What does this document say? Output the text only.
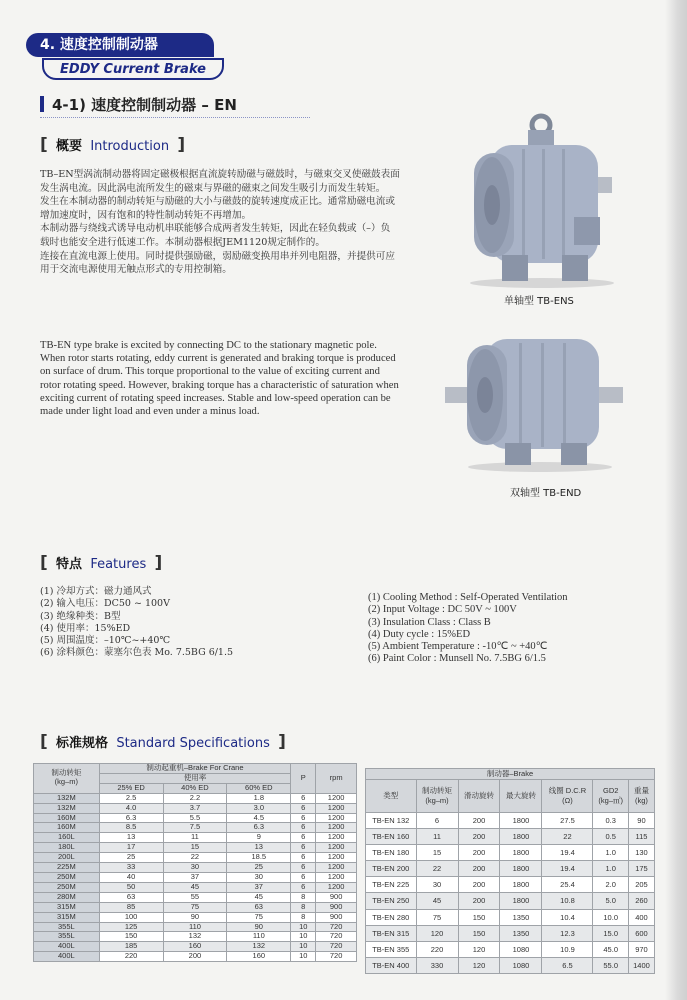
4. 速度控制制动器
EDDY Current Brake
4-1) 速度控制制动器 – EN
[ 概要 Introduction ]
TB–EN型涡流制动器将固定磁极根据直流旋转励磁与磁鼓时，与磁束交叉使磁鼓表面
发生涡电流。因此涡电流所发生的磁束与界磁的磁束之间发生吸引力而发生转矩。
发生在本制动器的制动转矩与励磁的大小与磁鼓的旋转速度成正比。通常励磁电流或
增加速度时，因有饱和的特性制动转矩不再增加。
本制动器与绕线式诱导电动机串联能够合成两者发生转矩，因此在轻负载或（–）负
载时也能安全进行低速工作。本制动器根据JEM1120规定制作的。
连接在直流电源上使用。同时提供强励磁，弱励磁变换用串并列电阻器，并提供可应
用于交流电源使用无触点形式的专用控制箱。
TB-EN type brake is excited by connecting DC to the stationary magnetic pole.
When rotor starts rotating, eddy current is generated and braking torque is produced
on surface of drum. This torque proportional to the value of exciting current and
rotor rotating speed. However, braking torque has a characteristic of saturation when
exciting current of rotating speed increases. Stable and low-speed operation can be
made under light load and even under a minus load.
单轴型 TB-ENS
双轴型 TB-END
[ 特点 Features ]
(1) 冷却方式：磁力通风式
(2) 输入电压：DC50 ~ 100V
(3) 绝缘种类：B型
(4) 使用率：15%ED
(5) 周围温度：–10℃~+40℃
(6) 涂料颜色：蒙塞尔色表 Mo. 7.5BG 6/1.5
(1) Cooling Method : Self-Operated Ventilation
(2) Input Voltage : DC 50V ~ 100V
(3) Insulation Class : Class B
(4) Duty cycle : 15%ED
(5) Ambient Temperature : -10℃ ~ +40℃
(6) Paint Color : Munsell No. 7.5BG 6/1.5
[ 标准规格 Standard Specifications ]
制动转矩
(kg–m)	制动起重机–Brake For Crane			P	rpm
	使用率				
	25% ED	40% ED	60% ED		
132M	2.5	2.2	1.8	6	1200
132M	4.0	3.7	3.0	6	1200
160M	6.3	5.5	4.5	6	1200
160M	8.5	7.5	6.3	6	1200
160L	13	11	9	6	1200
180L	17	15	13	6	1200
200L	25	22	18.5	6	1200
225M	33	30	25	6	1200
250M	40	37	30	6	1200
250M	50	45	37	6	1200
280M	63	55	45	8	900
315M	85	75	63	8	900
315M	100	90	75	8	900
355L	125	110	90	10	720
355L	150	132	110	10	720
400L	185	160	132	10	720
400L	220	200	160	10	720
制动器–Brake						
类型	制动转矩
(kg–m)	滑动旋转	最大旋转	线圈 D.C.R
(Ω)	GD2
(kg–㎡)	重量
(kg)
TB-EN 132	6	200	1800	27.5	0.3	90
TB-EN 160	11	200	1800	22	0.5	115
TB-EN 180	15	200	1800	19.4	1.0	130
TB-EN 200	22	200	1800	19.4	1.0	175
TB-EN 225	30	200	1800	25.4	2.0	205
TB-EN 250	45	200	1800	10.8	5.0	260
TB-EN 280	75	150	1350	10.4	10.0	400
TB-EN 315	120	150	1350	12.3	15.0	600
TB-EN 355	220	120	1080	10.9	45.0	970
TB-EN 400	330	120	1080	6.5	55.0	1400
